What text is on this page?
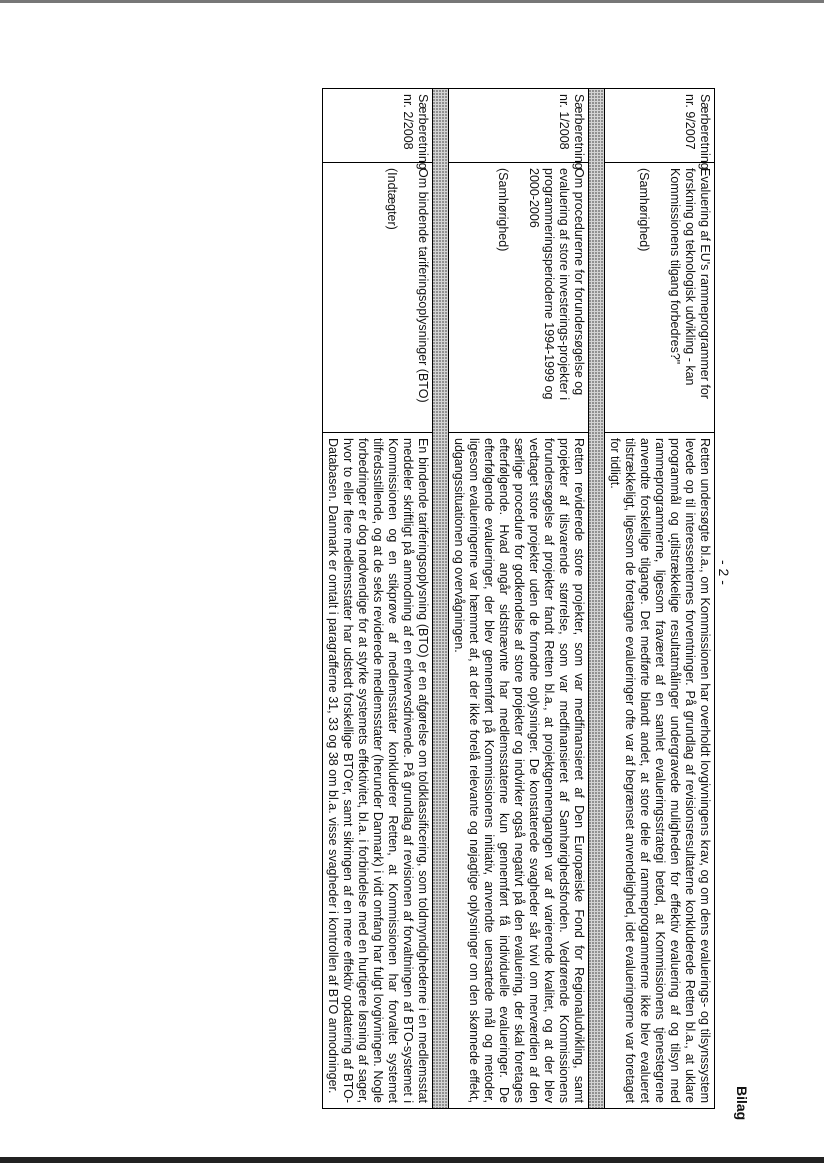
- 2 -
Bilag
Særberetning nr. 9/2007	Evaluering af EU's rammeprogrammer for forskning og teknologisk udvikling - kan Kommissionens tilgang forbedres?"
(Samhørighed)	Retten undersøgte bl.a., om Kommissionen har overholdt lovgivningens krav, og om dens evaluerings- og tilsynssystem levede op til interessenternes forventninger. På grundlag af revisionsresultaterne konkluderede Retten bl.a., at uklare programmål og utilstrækkelige resultatmålinger undergravede muligheden for effektiv evaluering af og tilsyn med rammeprogrammerne, ligesom fraværet af en samlet evalueringsstrategi betød, at Kommissionens tjenestegrene anvendte forskellige tilgange. Det medførte blandt andet, at store dele af rammeprogrammerne ikke blev evalueret tilstrækkeligt, ligesom de foretagne evalueringer ofte var af begrænset anvendelighed, idet evalueringerne var foretaget for tidligt.

Særberetning nr. 1/2008	Om procedurerne for forundersøgelse og evaluering af store investerings-projekter i programmeringsperioderne 1994-1999 og 2000-2006
(Samhørighed)	Retten reviderede store projekter, som var medfinansieret af Den Europæiske Fond for Regionaludvikling, samt projekter af tilsvarende størrelse, som var medfinansieret af Samhørighedsfonden. Vedrørende Kommissionens forundersøgelse af projekter fandt Retten bl.a., at projektgennemgangen var af varierende kvalitet, og at der blev vedtaget store projekter uden de fornødne oplysninger. De konstaterede svagheder sår tvivl om merværdien af den særlige procedure for godkendelse af store projekter og indvirker også negativt på den evaluering, der skal foretages efterfølgende. Hvad angår sidstnævnte har medlemsstaterne kun gennemført få individuelle evalueringer. De efterfølgende evalueringer, der blev gennemført på Kommissionens initiativ, anvendte uensartede mål og metoder, ligesom evalueringerne var hæmmet af, at der ikke forelå relevante og nøjagtige oplysninger om den skønnede effekt, udgangssituationen og overvågningen.

Særberetning nr. 2/2008	Om bindende tariferingsoplysninger (BTO)
(Indtægter)	En bindende tariferingsoplysning (BTO) er en afgørelse om toldklassificering, som toldmyndighederne i en medlemsstat meddeler skriftligt på anmodning af en erhvervsdrivende. På grundlag af revisionen af forvaltningen af BTO-systemet i Kommissionen og en stikprøve af medlemsstater konkluderer Retten, at Kommissionen har forvaltet systemet tilfredsstillende, og at de seks reviderede medlemsstater (herunder Danmark) i vidt omfang har fulgt lovgivningen. Nogle forbedringer er dog nødvendige for at styrke systemets effektivitet, bl.a. i forbindelse med en hurtigere løsning af sager, hvor to eller flere medlemsstater har udstedt forskellige BTO'er, samt sikringen af en mere effektiv opdatering af BTO-Databasen. Danmark er omtalt i paragrafferne 31, 33 og 38 om bl.a. visse svagheder i kontrollen af BTO anmodninger.
